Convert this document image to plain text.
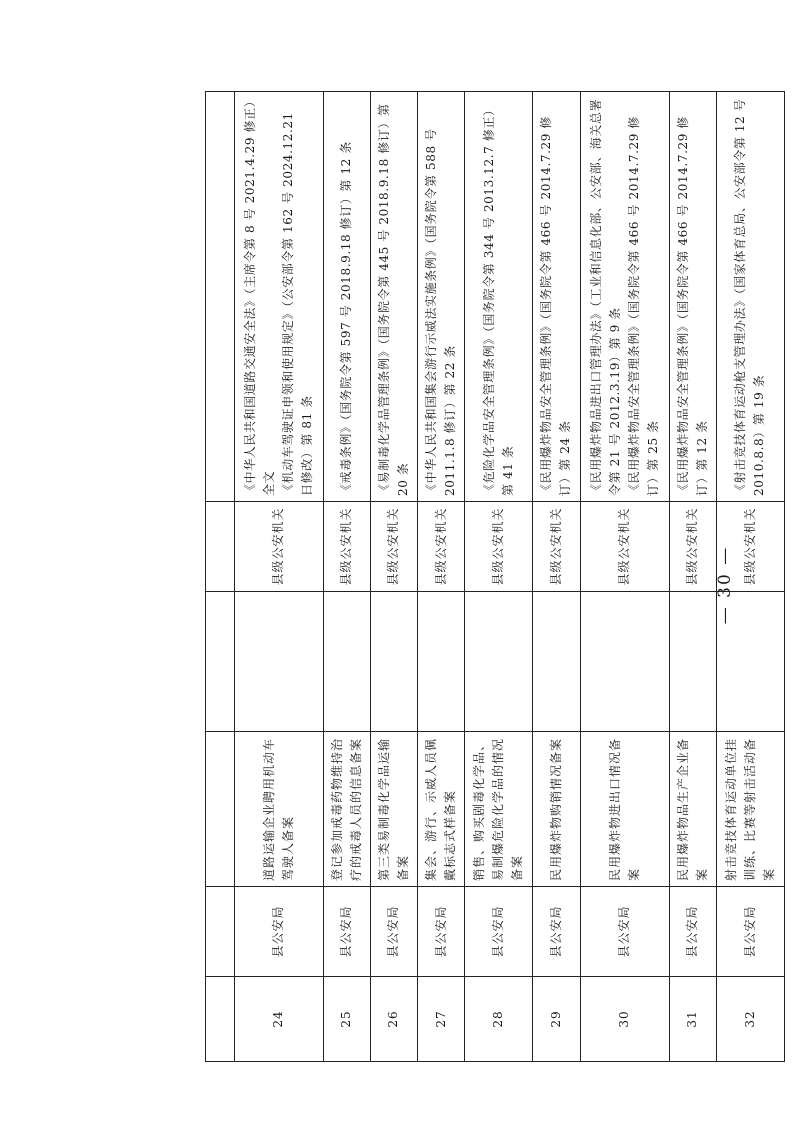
24	县公安局	道路运输企业聘用机动车驾驶人备案		县级公安机关	《中华人民共和国道路交通安全法》（主席令第 8 号 2021.4.29 修正）全文 《机动车驾驶证申领和使用规定》（公安部令第 162 号 2024.12.21 日修改）第 81 条
25	县公安局	登记参加戒毒药物维持治疗的戒毒人员的信息备案		县级公安机关	《戒毒条例》（国务院令第 597 号 2018.9.18 修订）第 12 条
26	县公安局	第三类易制毒化学品运输备案		县级公安机关	《易制毒化学品管理条例》（国务院令第 445 号 2018.9.18 修订）第 20 条
27	县公安局	集会、游行、示威人员佩戴标志式样备案		县级公安机关	《中华人民共和国集会游行示威法实施条例》（国务院令第 588 号 2011.1.8 修订）第 22 条
28	县公安局	销售、购买剧毒化学品、易制爆危险化学品的情况备案		县级公安机关	《危险化学品安全管理条例》（国务院令第 344 号 2013.12.7 修正）第 41 条
29	县公安局	民用爆炸物购销情况备案		县级公安机关	《民用爆炸物品安全管理条例》（国务院令第 466 号 2014.7.29 修订）第 24 条
30	县公安局	民用爆炸物进出口情况备案		县级公安机关	《民用爆炸物品进出口管理办法》（工业和信息化部、公安部、海关总署令第 21 号 2012.3.19）第 9 条 《民用爆炸物品安全管理条例》（国务院令第 466 号 2014.7.29 修订）第 25 条
31	县公安局	民用爆炸物品生产企业备案		县级公安机关	《民用爆炸物品安全管理条例》（国务院令第 466 号 2014.7.29 修订）第 12 条
32	县公安局	射击竞技体育运动单位挂训练、比赛等射击活动备案		县级公安机关	《射击竞技体育运动枪支管理办法》（国家体育总局、公安部令第 12 号 2010.8.8）第 19 条
— 30 —
